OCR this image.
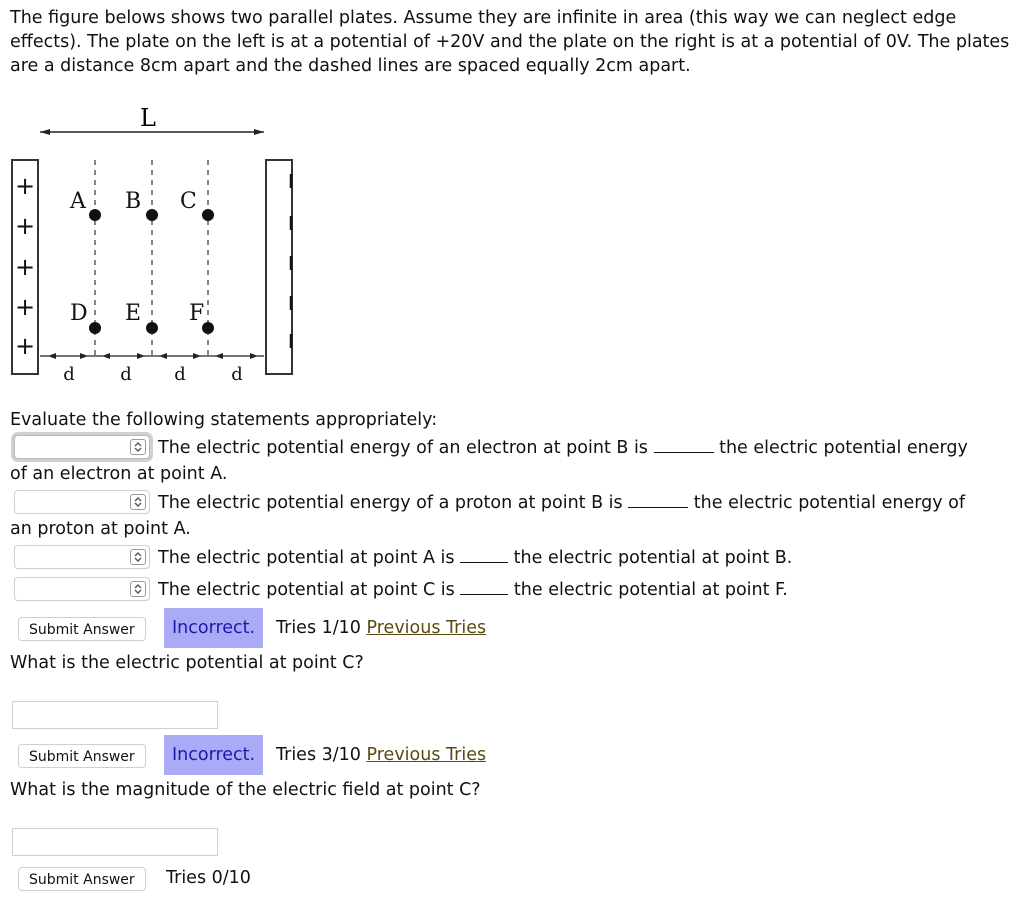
The figure belows shows two parallel plates. Assume they are infinite in area (this way we can neglect edge effects). The plate on the left is at a potential of +20V and the plate on the right is at a potential of 0V. The plates are a distance 8cm apart and the dashed lines are spaced equally 2cm apart.
L
+
+
+
+
+
A B C
D E F
d	d d	d
Evaluate the following statements appropriately:
The electric potential energy of an electron at point B is	the electric potential energy
of an electron at point A.
The electric potential energy of a proton at point B is	the electric potential energy of
an proton at point A.
The electric potential at point A is	the electric potential at point B.
The electric potential at point C is	the electric potential at point F.
Submit Answer	Incorrect.	Tries 1/10 Previous Tries
What is the electric potential at point C?
Submit Answer	Incorrect.	Tries 3/10 Previous Tries
What is the magnitude of the electric field at point C?
Submit Answer	Tries 0/10
